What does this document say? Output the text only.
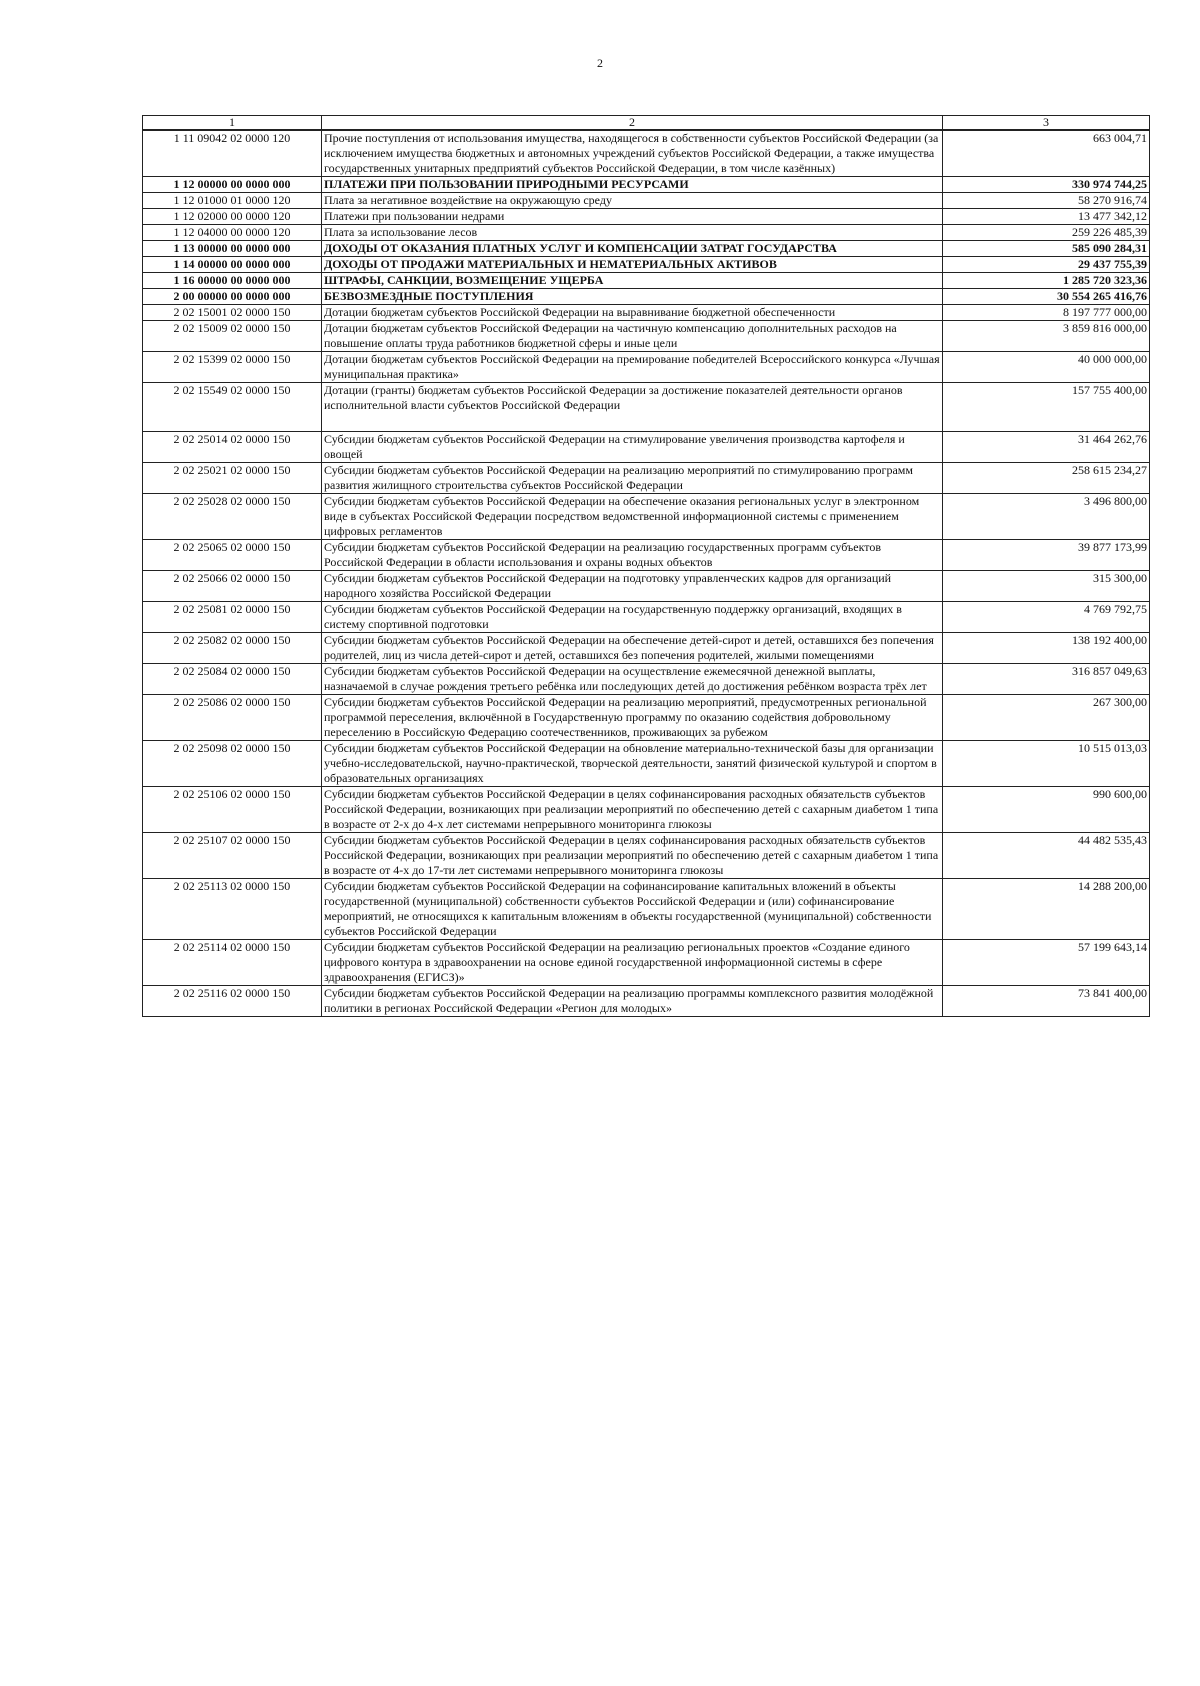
2
1	2	3
1 11 09042 02 0000 120	Прочие поступления от использования имущества, находящегося в собственности субъектов Российской Федерации (за исключением имущества бюджетных и автономных учреждений субъектов Российской Федерации, а также имущества государственных унитарных предприятий субъектов Российской Федерации, в том числе казённых)	663 004,71
1 12 00000 00 0000 000	ПЛАТЕЖИ ПРИ ПОЛЬЗОВАНИИ ПРИРОДНЫМИ РЕСУРСАМИ	330 974 744,25
1 12 01000 01 0000 120	Плата за негативное воздействие на окружающую среду	58 270 916,74
1 12 02000 00 0000 120	Платежи при пользовании недрами	13 477 342,12
1 12 04000 00 0000 120	Плата за использование лесов	259 226 485,39
1 13 00000 00 0000 000	ДОХОДЫ ОТ ОКАЗАНИЯ ПЛАТНЫХ УСЛУГ И КОМПЕНСАЦИИ ЗАТРАТ ГОСУДАРСТВА	585 090 284,31
1 14 00000 00 0000 000	ДОХОДЫ ОТ ПРОДАЖИ МАТЕРИАЛЬНЫХ И НЕМАТЕРИАЛЬНЫХ АКТИВОВ	29 437 755,39
1 16 00000 00 0000 000	ШТРАФЫ, САНКЦИИ, ВОЗМЕЩЕНИЕ УЩЕРБА	1 285 720 323,36
2 00 00000 00 0000 000	БЕЗВОЗМЕЗДНЫЕ ПОСТУПЛЕНИЯ	30 554 265 416,76
2 02 15001 02 0000 150	Дотации бюджетам субъектов Российской Федерации на выравнивание бюджетной обеспеченности	8 197 777 000,00
2 02 15009 02 0000 150	Дотации бюджетам субъектов Российской Федерации на частичную компенсацию дополнительных расходов на повышение оплаты труда работников бюджетной сферы и иные цели	3 859 816 000,00
2 02 15399 02 0000 150	Дотации бюджетам субъектов Российской Федерации на премирование победителей Всероссийского конкурса «Лучшая муниципальная практика»	40 000 000,00
2 02 15549 02 0000 150	Дотации (гранты) бюджетам субъектов Российской Федерации за достижение показателей деятельности органов исполнительной власти субъектов Российской Федерации	157 755 400,00
2 02 25014 02 0000 150	Субсидии бюджетам субъектов Российской Федерации на стимулирование увеличения производства картофеля и овощей	31 464 262,76
2 02 25021 02 0000 150	Субсидии бюджетам субъектов Российской Федерации на реализацию мероприятий по стимулированию программ развития жилищного строительства субъектов Российской Федерации	258 615 234,27
2 02 25028 02 0000 150	Субсидии бюджетам субъектов Российской Федерации на обеспечение оказания региональных услуг в электронном виде в субъектах Российской Федерации посредством ведомственной информационной системы с применением цифровых регламентов	3 496 800,00
2 02 25065 02 0000 150	Субсидии бюджетам субъектов Российской Федерации на реализацию государственных программ субъектов Российской Федерации в области использования и охраны водных объектов	39 877 173,99
2 02 25066 02 0000 150	Субсидии бюджетам субъектов Российской Федерации на подготовку управленческих кадров для организаций народного хозяйства Российской Федерации	315 300,00
2 02 25081 02 0000 150	Субсидии бюджетам субъектов Российской Федерации на государственную поддержку организаций, входящих в систему спортивной подготовки	4 769 792,75
2 02 25082 02 0000 150	Субсидии бюджетам субъектов Российской Федерации на обеспечение детей-сирот и детей, оставшихся без попечения родителей, лиц из числа детей-сирот и детей, оставшихся без попечения родителей, жилыми помещениями	138 192 400,00
2 02 25084 02 0000 150	Субсидии бюджетам субъектов Российской Федерации на осуществление ежемесячной денежной выплаты, назначаемой в случае рождения третьего ребёнка или последующих детей до достижения ребёнком возраста трёх лет	316 857 049,63
2 02 25086 02 0000 150	Субсидии бюджетам субъектов Российской Федерации на реализацию мероприятий, предусмотренных региональной программой переселения, включённой в Государственную программу по оказанию содействия добровольному переселению в Российскую Федерацию соотечественников, проживающих за рубежом	267 300,00
2 02 25098 02 0000 150	Субсидии бюджетам субъектов Российской Федерации на обновление материально-технической базы для организации учебно-исследовательской, научно-практической, творческой деятельности, занятий физической культурой и спортом в образовательных организациях	10 515 013,03
2 02 25106 02 0000 150	Субсидии бюджетам субъектов Российской Федерации в целях софинансирования расходных обязательств субъектов Российской Федерации, возникающих при реализации мероприятий по обеспечению детей с сахарным диабетом 1 типа в возрасте от 2-х до 4-х лет системами непрерывного мониторинга глюкозы	990 600,00
2 02 25107 02 0000 150	Субсидии бюджетам субъектов Российской Федерации в целях софинансирования расходных обязательств субъектов Российской Федерации, возникающих при реализации мероприятий по обеспечению детей с сахарным диабетом 1 типа в возрасте от 4-х до 17-ти лет системами непрерывного мониторинга глюкозы	44 482 535,43
2 02 25113 02 0000 150	Субсидии бюджетам субъектов Российской Федерации на софинансирование капитальных вложений в объекты государственной (муниципальной) собственности субъектов Российской Федерации и (или) софинансирование мероприятий, не относящихся к капитальным вложениям в объекты государственной (муниципальной) собственности субъектов Российской Федерации	14 288 200,00
2 02 25114 02 0000 150	Субсидии бюджетам субъектов Российской Федерации на реализацию региональных проектов «Создание единого цифрового контура в здравоохранении на основе единой государственной информационной системы в сфере здравоохранения (ЕГИСЗ)»	57 199 643,14
2 02 25116 02 0000 150	Субсидии бюджетам субъектов Российской Федерации на реализацию программы комплексного развития молодёжной политики в регионах Российской Федерации «Регион для молодых»	73 841 400,00
